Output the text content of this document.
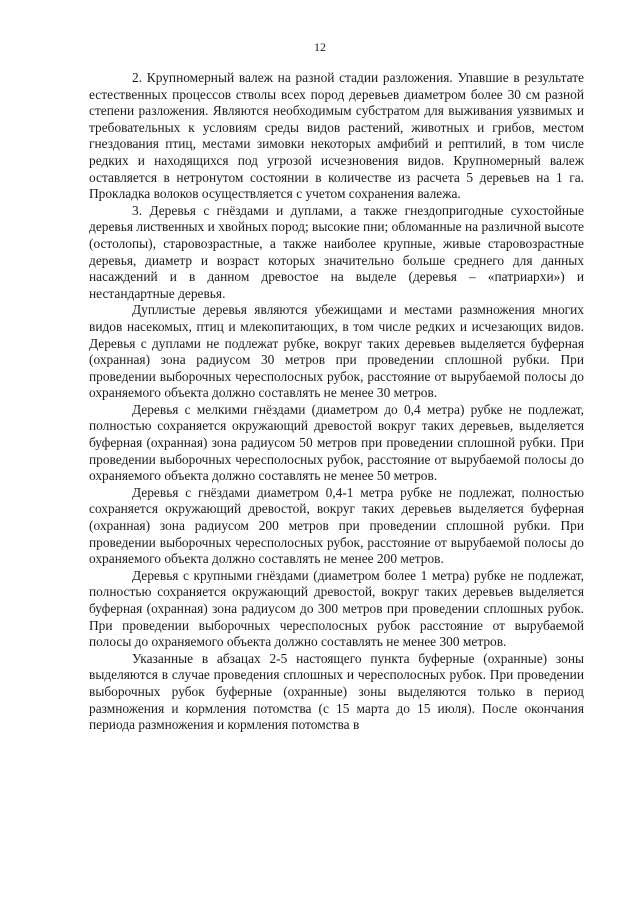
12

2. Крупномерный валеж на разной стадии разложения. Упавшие в результате естественных процессов стволы всех пород деревьев диаметром более 30 см разной степени разложения. Являются необходимым субстратом для выживания уязвимых и требовательных к условиям среды видов растений, животных и грибов, местом гнездования птиц, местами зимовки некоторых амфибий и рептилий, в том числе редких и находящихся под угрозой исчезновения видов. Крупномерный валеж оставляется в нетронутом состоянии в количестве из расчета 5 деревьев на 1 га. Прокладка волоков осуществляется с учетом сохранения валежа.

3. Деревья с гнёздами и дуплами, а также гнездопригодные сухостойные деревья лиственных и хвойных пород; высокие пни; обломанные на различной высоте (остолопы), старовозрастные, а также наиболее крупные, живые старовозрастные деревья, диаметр и возраст которых значительно больше среднего для данных насаждений и в данном древостое на выделе (деревья – «патриархи») и нестандартные деревья.

Дуплистые деревья являются убежищами и местами размножения многих видов насекомых, птиц и млекопитающих, в том числе редких и исчезающих видов. Деревья с дуплами не подлежат рубке, вокруг таких деревьев выделяется буферная (охранная) зона радиусом 30 метров при проведении сплошной рубки. При проведении выборочных чересполосных рубок, расстояние от вырубаемой полосы до охраняемого объекта должно составлять не менее 30 метров.

Деревья с мелкими гнёздами (диаметром до 0,4 метра) рубке не подлежат, полностью сохраняется окружающий древостой вокруг таких деревьев, выделяется буферная (охранная) зона радиусом 50 метров при проведении сплошной рубки. При проведении выборочных чересполосных рубок, расстояние от вырубаемой полосы до охраняемого объекта должно составлять не менее 50 метров.

Деревья с гнёздами диаметром 0,4-1 метра рубке не подлежат, полностью сохраняется окружающий древостой, вокруг таких деревьев выделяется буферная (охранная) зона радиусом 200 метров при проведении сплошной рубки. При проведении выборочных чересполосных рубок, расстояние от вырубаемой полосы до охраняемого объекта должно составлять не менее 200 метров.

Деревья с крупными гнёздами (диаметром более 1 метра) рубке не подлежат, полностью сохраняется окружающий древостой, вокруг таких деревьев выделяется буферная (охранная) зона радиусом до 300 метров при проведении сплошных рубок. При проведении выборочных чересполосных рубок расстояние от вырубаемой полосы до охраняемого объекта должно составлять не менее 300 метров.

Указанные в абзацах 2-5 настоящего пункта буферные (охранные) зоны выделяются в случае проведения сплошных и чересполосных рубок. При проведении выборочных рубок буферные (охранные) зоны выделяются только в период размножения и кормления потомства (с 15 марта до 15 июля). После окончания периода размножения и кормления потомства в
